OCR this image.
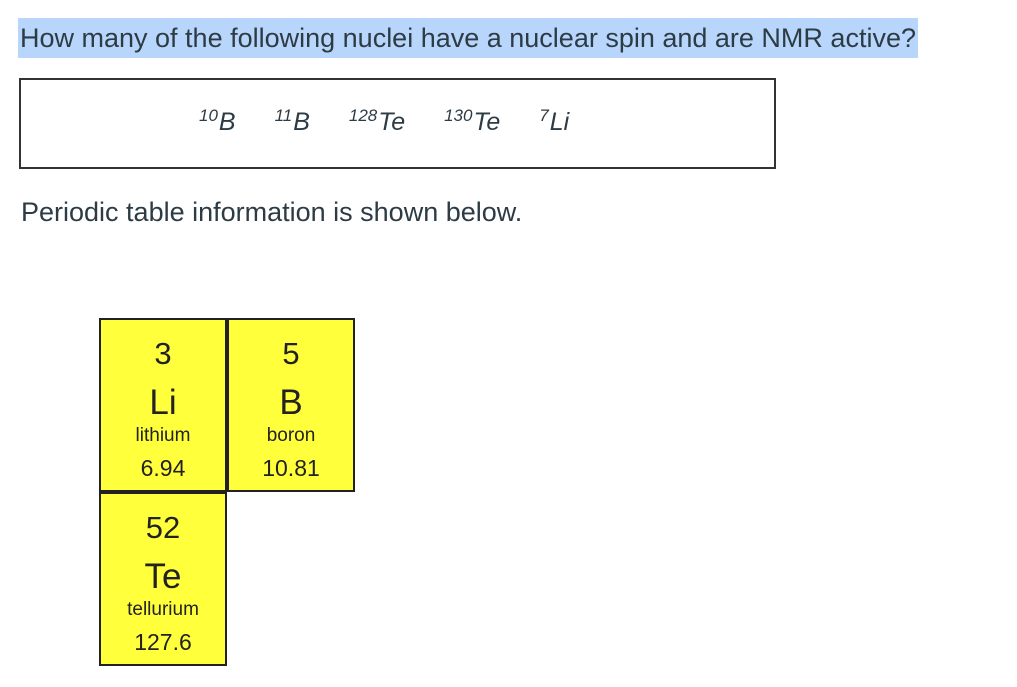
How many of the following nuclei have a nuclear spin and are NMR active?
$^{10}$B $^{11}$B $^{128}$Te $^{130}$Te $^7$Li
Periodic table information is shown below.
3
Li
lithium
6.94
5
B
boron
10.81
52
Te
tellurium
127.6
